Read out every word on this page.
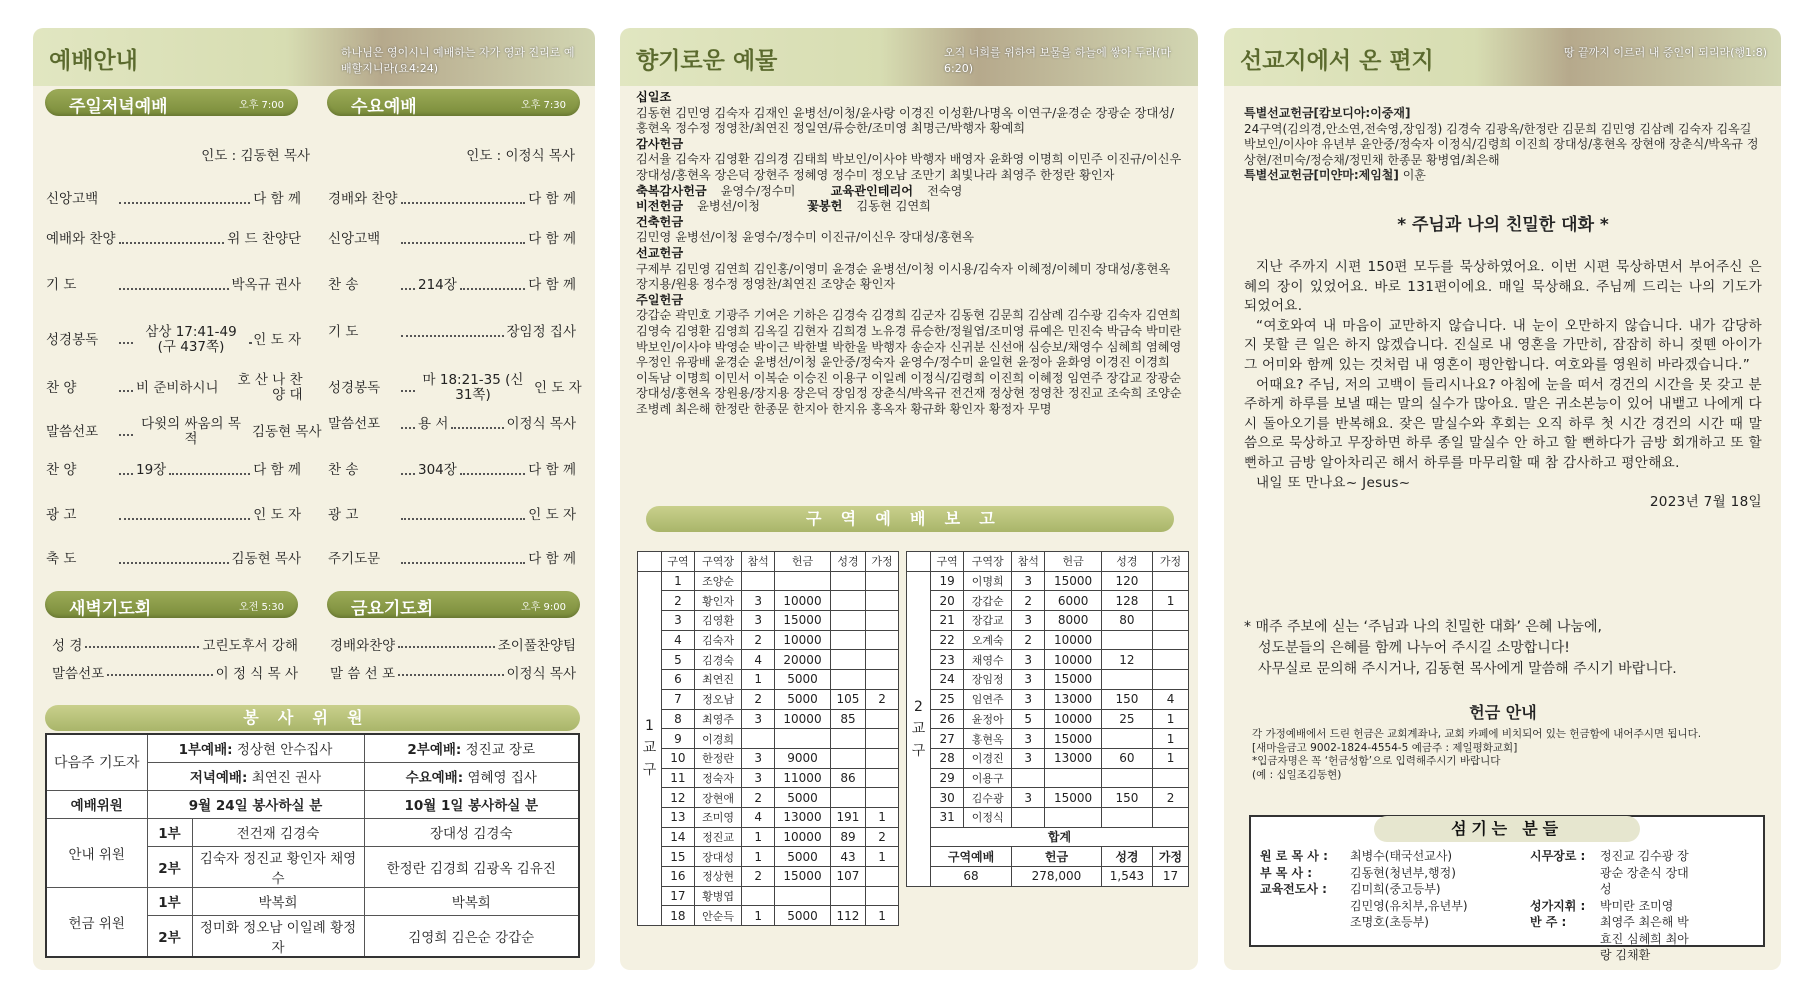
예배안내	하나님은 영이시니 예배하는 자가 영과 진리로 예배할지니라(요4:24)
주일저녁예배	오후 7:00	수요예배	오후 7:30
인도 : 김동현 목사	인도 : 이정식 목사
신앙고백	다 함 께
예배와 찬양	위 드 찬양단
기 도	박옥규 권사
성경봉독	삼상 17:41-49 (구 437쪽)	인 도 자
찬 양	비 준비하시니	호 산 나 찬 양 대
말씀선포	다윗의 싸움의 목적	김동현 목사
찬 양	19장	다 함 께
광 고	인 도 자
축 도	김동현 목사
경배와 찬양	다 함 께
신앙고백	다 함 께
찬 송	214장	다 함 께
기 도	장임정 집사
성경봉독	마 18:21-35 (신 31쪽)	인 도 자
말씀선포	용 서	이정식 목사
찬 송	304장	다 함 께
광 고	인 도 자
주기도문	다 함 께
새벽기도회	오전 5:30	금요기도회	오후 9:00
성 경	고린도후서 강해
말씀선포	이 정 식 목 사
경배와찬양	조이풀찬양팀
말 씀 선 포	이정식 목사
봉사위원
다음주 기도자	1부예배: 정상현 안수집사		2부예배: 정진교 장로
	저녁예배: 최연진 권사		수요예배: 염혜영 집사
예배위원	9월 24일 봉사하실 분		10월 1일 봉사하실 분
안내 위원	1부	전건재 김경숙	장대성 김경숙
	2부	김숙자 정진교 황인자 채영수	한정란 김경희 김광옥 김유진
헌금 위원	1부	박복희	박복희
	2부	정미화 정오남 이일례 황정자	김영희 김은순 강갑순
향기로운 예물	오직 너희를 위하여 보물을 하늘에 쌓아 두라(마6:20)
십일조
김동현 김민영 김숙자 김재인 윤병선/이청/윤사랑 이경진 이성환/나명옥 이연구/윤경순 장광순 장대성/홍현옥 정수정 정영찬/최연진 정일연/류승한/조미영 최명근/박행자 황예희
감사헌금
김서율 김숙자 김영환 김의경 김태희 박보인/이사야 박행자 배영자 윤화영 이명희 이민주 이진규/이신우 장대성/홍현옥 장은덕 장현주 정혜영 정수미 정오남 조만기 최빛나라 최영주 한정란 황인자
축복감사헌금 윤영수/정수미	교육관인테리어 전숙영
비전헌금 윤병선/이청	꽃봉헌 김동현 김연희
건축헌금
김민영 윤병선/이청 윤영수/정수미 이진규/이신우 장대성/홍현옥
선교헌금
구제부 김민영 김연희 김인홍/이영미 윤경순 윤병선/이청 이시용/김숙자 이혜정/이혜미 장대성/홍현옥 장지용/원용 정수정 정영찬/최연진 조양순 황인자
주일헌금
강갑순 곽민호 기광주 기여은 기하은 김경숙 김경희 김군자 김동현 김문희 김삼례 김수광 김숙자 김연희 김영숙 김영환 김영희 김옥길 김현자 김희경 노유경 류승한/정월엽/조미영 류예은 민진숙 박금숙 박미란 박보인/이사야 박영순 박이근 박한별 박한울 박행자 송순자 신귀분 신선애 심승보/채영수 심혜희 염혜영 우정인 유광배 윤경순 윤병선/이청 윤안중/정숙자 윤영수/정수미 윤일현 윤정아 윤화영 이경진 이경희 이독남 이명희 이민서 이복순 이승진 이용구 이일례 이정식/김령희 이진희 이혜정 임연주 장갑교 장광순 장대성/홍현옥 장원용/장지용 장은덕 장임정 장춘식/박옥규 전건재 정상현 정영찬 정진교 조숙희 조양순 조병례 최은해 한정란 한종문 한지아 한지유 홍옥자 황규화 황인자 황정자 무명
구역예배보고
	구역	구역장	참석	헌금	성경	가정
1 교 구	1	조양순				
	2	황인자	3	10000		
	3	김영환	3	15000		
	4	김숙자	2	10000		
	5	김경숙	4	20000		
	6	최연진	1	5000		
	7	정오남	2	5000	105	2
	8	최영주	3	10000	85	
	9	이경희				
	10	한정란	3	9000		
	11	정숙자	3	11000	86	
	12	장현애	2	5000		
	13	조미영	4	13000	191	1
	14	정진교	1	10000	89	2
	15	장대성	1	5000	43	1
	16	정상현	2	15000	107	
	17	황병엽				
	18	안순득	1	5000	112	1
	구역	구역장	참석	헌금	성경	가정
2 교 구	19	이명희	3	15000	120	
	20	강갑순	2	6000	128	1
	21	장갑교	3	8000	80	
	22	오계숙	2	10000		
	23	채영수	3	10000	12	
	24	장임정	3	15000		
	25	임연주	3	13000	150	4
	26	윤정아	5	10000	25	1
	27	홍현옥	3	15000		1
	28	이경진	3	13000	60	1
	29	이용구				
	30	김수광	3	15000	150	2
	31	이정식				
	합계					
	구역예배		헌금		성경	가정
	68		278,000		1,543	17
선교지에서 온 편지	땅 끝까지 이르러 내 증인이 되리라(행1:8)
특별선교헌금[캄보디아:이중재]
24구역(김의경,안소연,전숙영,장임정) 김경숙 김광옥/한정란 김문희 김민영 김삼례 김숙자 김옥길 박보인/이사야 유년부 윤안중/정숙자 이정식/김령희 이진희 장대성/홍현옥 장현애 장춘식/박옥규 정상현/전미숙/정승채/정민채 한종문 황병엽/최은해
특별선교헌금[미얀마:제임철] 이훈
* 주님과 나의 친밀한 대화 *

지난 주까지 시편 150편 모두를 묵상하였어요. 이번 시편 묵상하면서 부어주신 은혜의 장이 있었어요. 바로 131편이에요. 매일 묵상해요. 주님께 드리는 나의 기도가 되었어요.

“여호와여 내 마음이 교만하지 않습니다. 내 눈이 오만하지 않습니다. 내가 감당하지 못할 큰 일은 하지 않겠습니다. 진실로 내 영혼을 가만히, 잠잠히 하니 젖뗀 아이가 그 어미와 함께 있는 것처럼 내 영혼이 평안합니다. 여호와를 영원히 바라겠습니다.”

어때요? 주님, 저의 고백이 들리시나요? 아침에 눈을 떠서 경건의 시간을 못 갖고 분주하게 하루를 보낼 때는 말의 실수가 많아요. 말은 귀소본능이 있어 내뱉고 나에게 다시 돌아오기를 반복해요. 잦은 말실수와 후회는 오직 하루 첫 시간 경건의 시간 때 말씀으로 묵상하고 무장하면 하루 종일 말실수 안 하고 할 뻔하다가 금방 회개하고 또 할 뻔하고 금방 알아차리곤 해서 하루를 마무리할 때 참 감사하고 평안해요.

내일 또 만나요~ Jesus~

2023년 7월 18일
* 매주 주보에 싣는 ‘주님과 나의 친밀한 대화’ 은혜 나눔에,
성도분들의 은혜를 함께 나누어 주시길 소망합니다!
사무실로 문의해 주시거나, 김동현 목사에게 말씀해 주시기 바랍니다.
헌금 안내
각 가정예배에서 드린 헌금은 교회계좌나, 교회 카페에 비치되어 있는 헌금함에 내어주시면 됩니다.
[새마을금고 9002-1824-4554-5 예금주 : 제일평화교회]
*입금자명은 꼭 ‘헌금성함’으로 입력해주시기 바랍니다
(예 : 십일조김동현)
섬기는 분들
원 로 목 사 : 최병수(태국선교사)
부 목 사 :	김동현(청년부,행정)
교육전도사 : 김미희(중고등부)
김민영(유치부,유년부)
조명호(초등부)
시무장로 :	정진교 김수광 장광순 장춘식 장대성
성가지휘 :	박미란 조미영
반 주 :	최영주 최은해 박효진 심혜희 최아랑 김채환
